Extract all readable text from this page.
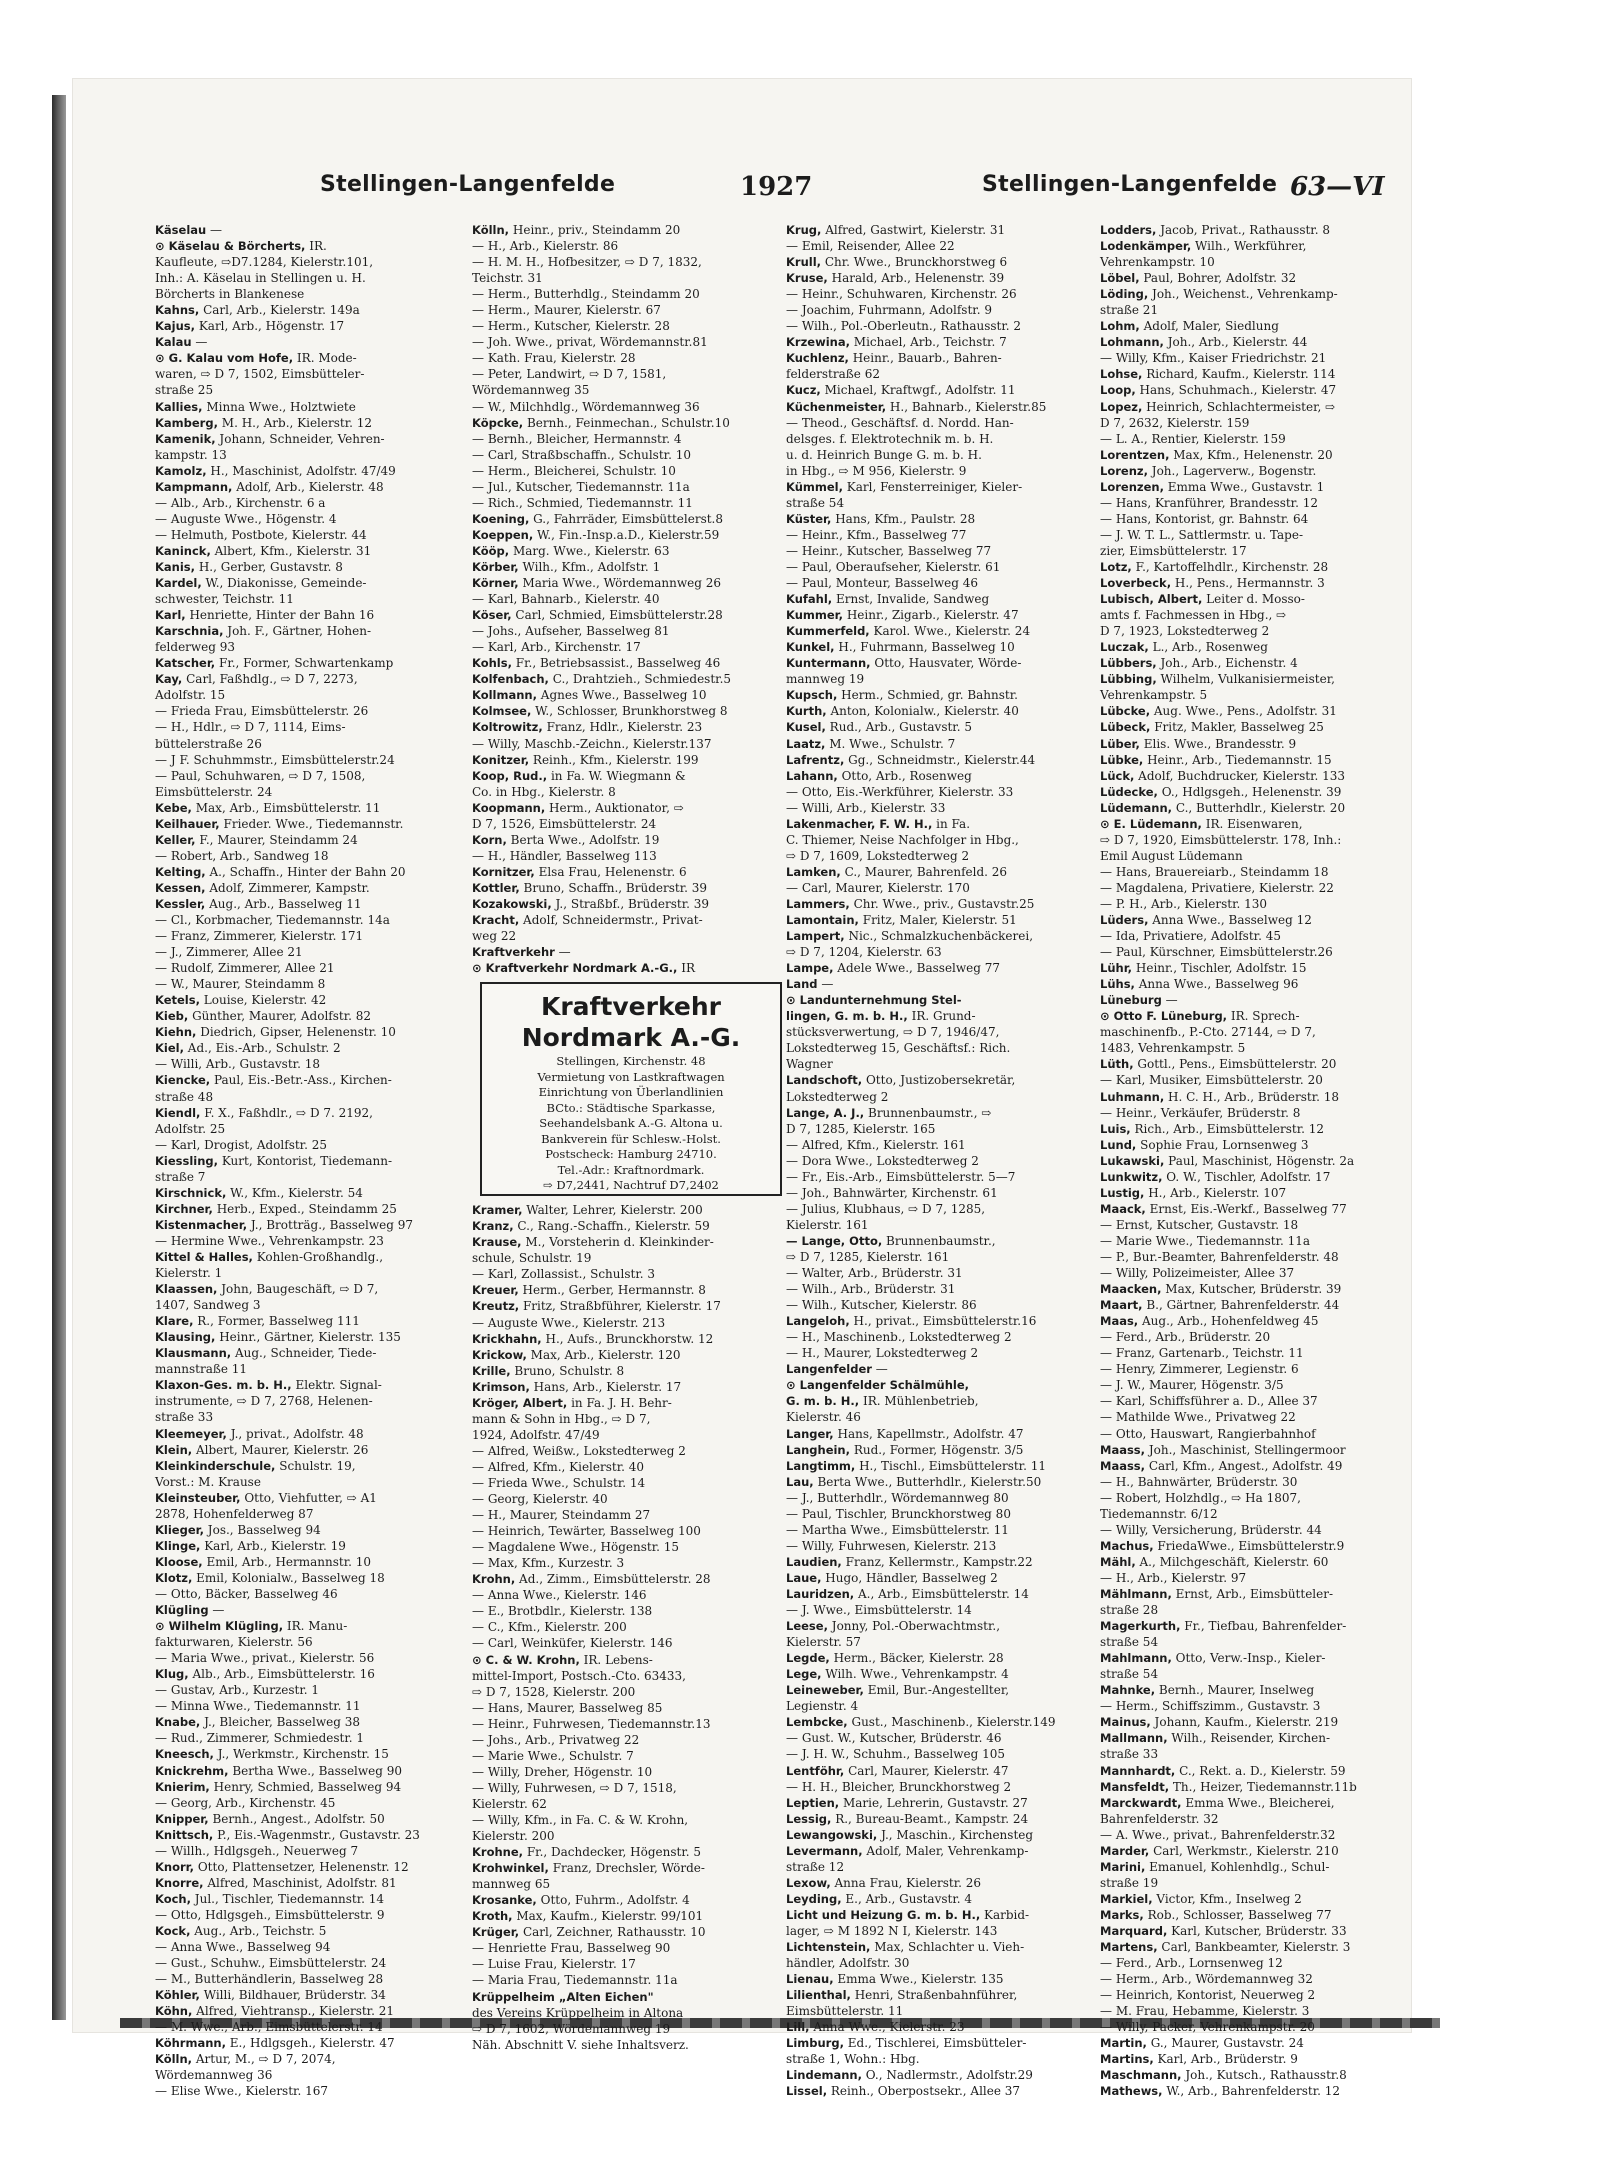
Stellingen-Langenfelde	1927	Stellingen-Langenfelde 63—VI
Käselau —
⊙ Käselau & Börcherts, IR.
Kaufleute, ⇨D7.1284, Kielerstr.101,
Inh.: A. Käselau in Stellingen u. H.
Börcherts in Blankenese
Kahns, Carl, Arb., Kielerstr. 149a
Kajus, Karl, Arb., Högenstr. 17
Kalau —
⊙ G. Kalau vom Hofe, IR. Mode-
waren, ⇨ D 7, 1502, Eimsbütteler-
straße 25
Kallies, Minna Wwe., Holztwiete
Kamberg, M. H., Arb., Kielerstr. 12
Kamenik, Johann, Schneider, Vehren-
kampstr. 13
Kamolz, H., Maschinist, Adolfstr. 47/49
Kampmann, Adolf, Arb., Kielerstr. 48
— Alb., Arb., Kirchenstr. 6 a
— Auguste Wwe., Högenstr. 4
— Helmuth, Postbote, Kielerstr. 44
Kaninck, Albert, Kfm., Kielerstr. 31
Kanis, H., Gerber, Gustavstr. 8
Kardel, W., Diakonisse, Gemeinde-
schwester, Teichstr. 11
Karl, Henriette, Hinter der Bahn 16
Karschnia, Joh. F., Gärtner, Hohen-
felderweg 93
Katscher, Fr., Former, Schwartenkamp
Kay, Carl, Faßhdlg., ⇨ D 7, 2273,
Adolfstr. 15
— Frieda Frau, Eimsbüttelerstr. 26
— H., Hdlr., ⇨ D 7, 1114, Eims-
büttelerstraße 26
— J F. Schuhmmstr., Eimsbüttelerstr.24
— Paul, Schuhwaren, ⇨ D 7, 1508,
Eimsbüttelerstr. 24
Kebe, Max, Arb., Eimsbüttelerstr. 11
Keilhauer, Frieder. Wwe., Tiedemannstr.
Keller, F., Maurer, Steindamm 24
— Robert, Arb., Sandweg 18
Kelting, A., Schaffn., Hinter der Bahn 20
Kessen, Adolf, Zimmerer, Kampstr.
Kessler, Aug., Arb., Basselweg 11
— Cl., Korbmacher, Tiedemannstr. 14a
— Franz, Zimmerer, Kielerstr. 171
— J., Zimmerer, Allee 21
— Rudolf, Zimmerer, Allee 21
— W., Maurer, Steindamm 8
Ketels, Louise, Kielerstr. 42
Kieb, Günther, Maurer, Adolfstr. 82
Kiehn, Diedrich, Gipser, Helenenstr. 10
Kiel, Ad., Eis.-Arb., Schulstr. 2
— Willi, Arb., Gustavstr. 18
Kiencke, Paul, Eis.-Betr.-Ass., Kirchen-
straße 48
Kiendl, F. X., Faßhdlr., ⇨ D 7. 2192,
Adolfstr. 25
— Karl, Drogist, Adolfstr. 25
Kiessling, Kurt, Kontorist, Tiedemann-
straße 7
Kirschnick, W., Kfm., Kielerstr. 54
Kirchner, Herb., Exped., Steindamm 25
Kistenmacher, J., Brotträg., Basselweg 97
— Hermine Wwe., Vehrenkampstr. 23
Kittel & Halles, Kohlen-Großhandlg.,
Kielerstr. 1
Klaassen, John, Baugeschäft, ⇨ D 7,
1407, Sandweg 3
Klare, R., Former, Basselweg 111
Klausing, Heinr., Gärtner, Kielerstr. 135
Klausmann, Aug., Schneider, Tiede-
mannstraße 11
Klaxon-Ges. m. b. H., Elektr. Signal-
instrumente, ⇨ D 7, 2768, Helenen-
straße 33
Kleemeyer, J., privat., Adolfstr. 48
Klein, Albert, Maurer, Kielerstr. 26
Kleinkinderschule, Schulstr. 19,
Vorst.: M. Krause
Kleinsteuber, Otto, Viehfutter, ⇨ A1
2878, Hohenfelderweg 87
Klieger, Jos., Basselweg 94
Klinge, Karl, Arb., Kielerstr. 19
Kloose, Emil, Arb., Hermannstr. 10
Klotz, Emil, Kolonialw., Basselweg 18
— Otto, Bäcker, Basselweg 46
Klügling —
⊙ Wilhelm Klügling, IR. Manu-
fakturwaren, Kielerstr. 56
— Maria Wwe., privat., Kielerstr. 56
Klug, Alb., Arb., Eimsbüttelerstr. 16
— Gustav, Arb., Kurzestr. 1
— Minna Wwe., Tiedemannstr. 11
Knabe, J., Bleicher, Basselweg 38
— Rud., Zimmerer, Schmiedestr. 1
Kneesch, J., Werkmstr., Kirchenstr. 15
Knickrehm, Bertha Wwe., Basselweg 90
Knierim, Henry, Schmied, Basselweg 94
— Georg, Arb., Kirchenstr. 45
Knipper, Bernh., Angest., Adolfstr. 50
Knittsch, P., Eis.-Wagenmstr., Gustavstr. 23
— Willh., Hdlgsgeh., Neuerweg 7
Knorr, Otto, Plattensetzer, Helenenstr. 12
Knorre, Alfred, Maschinist, Adolfstr. 81
Koch, Jul., Tischler, Tiedemannstr. 14
— Otto, Hdlgsgeh., Eimsbüttelerstr. 9
Kock, Aug., Arb., Teichstr. 5
— Anna Wwe., Basselweg 94
— Gust., Schuhw., Eimsbüttelerstr. 24
— M., Butterhändlerin, Basselweg 28
Köhler, Willi, Bildhauer, Brüderstr. 34
Köhn, Alfred, Viehtransp., Kielerstr. 21
— M. Wwe., Arb., Eimsbüttelerstr. 14
Köhrmann, E., Hdlgsgeh., Kielerstr. 47
Kölln, Artur, M., ⇨ D 7, 2074,
Wördemannweg 36
— Elise Wwe., Kielerstr. 167
Kölln, Heinr., priv., Steindamm 20
— H., Arb., Kielerstr. 86
— H. M. H., Hofbesitzer, ⇨ D 7, 1832,
Teichstr. 31
— Herm., Butterhdlg., Steindamm 20
— Herm., Maurer, Kielerstr. 67
— Herm., Kutscher, Kielerstr. 28
— Joh. Wwe., privat, Wördemannstr.81
— Kath. Frau, Kielerstr. 28
— Peter, Landwirt, ⇨ D 7, 1581,
Wördemannweg 35
— W., Milchhdlg., Wördemannweg 36
Köpcke, Bernh., Feinmechan., Schulstr.10
— Bernh., Bleicher, Hermannstr. 4
— Carl, Straßbschaffn., Schulstr. 10
— Herm., Bleicherei, Schulstr. 10
— Jul., Kutscher, Tiedemannstr. 11a
— Rich., Schmied, Tiedemannstr. 11
Koening, G., Fahrräder, Eimsbüttelerst.8
Koeppen, W., Fin.-Insp.a.D., Kielerstr.59
Kööp, Marg. Wwe., Kielerstr. 63
Körber, Wilh., Kfm., Adolfstr. 1
Körner, Maria Wwe., Wördemannweg 26
— Karl, Bahnarb., Kielerstr. 40
Köser, Carl, Schmied, Eimsbüttelerstr.28
— Johs., Aufseher, Basselweg 81
— Karl, Arb., Kirchenstr. 17
Kohls, Fr., Betriebsassist., Basselweg 46
Kolfenbach, C., Drahtzieh., Schmiedestr.5
Kollmann, Agnes Wwe., Basselweg 10
Kolmsee, W., Schlosser, Brunkhorstweg 8
Koltrowitz, Franz, Hdlr., Kielerstr. 23
— Willy, Maschb.-Zeichn., Kielerstr.137
Konitzer, Reinh., Kfm., Kielerstr. 199
Koop, Rud., in Fa. W. Wiegmann &
Co. in Hbg., Kielerstr. 8
Koopmann, Herm., Auktionator, ⇨
D 7, 1526, Eimsbüttelerstr. 24
Korn, Berta Wwe., Adolfstr. 19
— H., Händler, Basselweg 113
Kornitzer, Elsa Frau, Helenenstr. 6
Kottler, Bruno, Schaffn., Brüderstr. 39
Kozakowski, J., Straßbf., Brüderstr. 39
Kracht, Adolf, Schneidermstr., Privat-
weg 22
Kraftverkehr —
⊙ Kraftverkehr Nordmark A.-G., IR
Kraftverkehr
Nordmark A.-G.
Stellingen, Kirchenstr. 48
Vermietung von Lastkraftwagen
Einrichtung von Überlandlinien
BCto.: Städtische Sparkasse,
Seehandelsbank A.-G. Altona u.
Bankverein für Schlesw.-Holst.
Postscheck: Hamburg 24710.
Tel.-Adr.: Kraftnordmark.
⇨ D7,2441, Nachtruf D7,2402
Kramer, Walter, Lehrer, Kielerstr. 200
Kranz, C., Rang.-Schaffn., Kielerstr. 59
Krause, M., Vorsteherin d. Kleinkinder-
schule, Schulstr. 19
— Karl, Zollassist., Schulstr. 3
Kreuer, Herm., Gerber, Hermannstr. 8
Kreutz, Fritz, Straßbführer, Kielerstr. 17
— Auguste Wwe., Kielerstr. 213
Krickhahn, H., Aufs., Brunckhorstw. 12
Krickow, Max, Arb., Kielerstr. 120
Krille, Bruno, Schulstr. 8
Krimson, Hans, Arb., Kielerstr. 17
Kröger, Albert, in Fa. J. H. Behr-
mann & Sohn in Hbg., ⇨ D 7,
1924, Adolfstr. 47/49
— Alfred, Weißw., Lokstedterweg 2
— Alfred, Kfm., Kielerstr. 40
— Frieda Wwe., Schulstr. 14
— Georg, Kielerstr. 40
— H., Maurer, Steindamm 27
— Heinrich, Tewärter, Basselweg 100
— Magdalene Wwe., Högenstr. 15
— Max, Kfm., Kurzestr. 3
Krohn, Ad., Zimm., Eimsbüttelerstr. 28
— Anna Wwe., Kielerstr. 146
— E., Brotbdlr., Kielerstr. 138
— C., Kfm., Kielerstr. 200
— Carl, Weinküfer, Kielerstr. 146
⊙ C. & W. Krohn, IR. Lebens-
mittel-Import, Postsch.-Cto. 63433,
⇨ D 7, 1528, Kielerstr. 200
— Hans, Maurer, Basselweg 85
— Heinr., Fuhrwesen, Tiedemannstr.13
— Johs., Arb., Privatweg 22
— Marie Wwe., Schulstr. 7
— Willy, Dreher, Högenstr. 10
— Willy, Fuhrwesen, ⇨ D 7, 1518,
Kielerstr. 62
— Willy, Kfm., in Fa. C. & W. Krohn,
Kielerstr. 200
Krohne, Fr., Dachdecker, Högenstr. 5
Krohwinkel, Franz, Drechsler, Wörde-
mannweg 65
Krosanke, Otto, Fuhrm., Adolfstr. 4
Kroth, Max, Kaufm., Kielerstr. 99/101
Krüger, Carl, Zeichner, Rathausstr. 10
— Henriette Frau, Basselweg 90
— Luise Frau, Kielerstr. 17
— Maria Frau, Tiedemannstr. 11a
Krüppelheim „Alten Eichen"
des Vereins Krüppelheim in Altona
⇨ D 7, 1602, Wördemannweg 19
Näh. Abschnitt V. siehe Inhaltsverz.
Krug, Alfred, Gastwirt, Kielerstr. 31
— Emil, Reisender, Allee 22
Krull, Chr. Wwe., Brunckhorstweg 6
Kruse, Harald, Arb., Helenenstr. 39
— Heinr., Schuhwaren, Kirchenstr. 26
— Joachim, Fuhrmann, Adolfstr. 9
— Wilh., Pol.-Oberleutn., Rathausstr. 2
Krzewina, Michael, Arb., Teichstr. 7
Kuchlenz, Heinr., Bauarb., Bahren-
felderstraße 62
Kucz, Michael, Kraftwgf., Adolfstr. 11
Küchenmeister, H., Bahnarb., Kielerstr.85
— Theod., Geschäftsf. d. Nordd. Han-
delsges. f. Elektrotechnik m. b. H.
u. d. Heinrich Bunge G. m. b. H.
in Hbg., ⇨ M 956, Kielerstr. 9
Kümmel, Karl, Fensterreiniger, Kieler-
straße 54
Küster, Hans, Kfm., Paulstr. 28
— Heinr., Kfm., Basselweg 77
— Heinr., Kutscher, Basselweg 77
— Paul, Oberaufseher, Kielerstr. 61
— Paul, Monteur, Basselweg 46
Kufahl, Ernst, Invalide, Sandweg
Kummer, Heinr., Zigarb., Kielerstr. 47
Kummerfeld, Karol. Wwe., Kielerstr. 24
Kunkel, H., Fuhrmann, Basselweg 10
Kuntermann, Otto, Hausvater, Wörde-
mannweg 19
Kupsch, Herm., Schmied, gr. Bahnstr.
Kurth, Anton, Kolonialw., Kielerstr. 40
Kusel, Rud., Arb., Gustavstr. 5
Laatz, M. Wwe., Schulstr. 7
Lafrentz, Gg., Schneidmstr., Kielerstr.44
Lahann, Otto, Arb., Rosenweg
— Otto, Eis.-Werkführer, Kielerstr. 33
— Willi, Arb., Kielerstr. 33
Lakenmacher, F. W. H., in Fa.
C. Thiemer, Neise Nachfolger in Hbg.,
⇨ D 7, 1609, Lokstedterweg 2
Lamken, C., Maurer, Bahrenfeld. 26
— Carl, Maurer, Kielerstr. 170
Lammers, Chr. Wwe., priv., Gustavstr.25
Lamontain, Fritz, Maler, Kielerstr. 51
Lampert, Nic., Schmalzkuchenbäckerei,
⇨ D 7, 1204, Kielerstr. 63
Lampe, Adele Wwe., Basselweg 77
Land —
⊙ Landunternehmung Stel-
lingen, G. m. b. H., IR. Grund-
stücksverwertung, ⇨ D 7, 1946/47,
Lokstedterweg 15, Geschäftsf.: Rich.
Wagner
Landschoft, Otto, Justizobersekretär,
Lokstedterweg 2
Lange, A. J., Brunnenbaumstr., ⇨
D 7, 1285, Kielerstr. 165
— Alfred, Kfm., Kielerstr. 161
— Dora Wwe., Lokstedterweg 2
— Fr., Eis.-Arb., Eimsbüttelerstr. 5—7
— Joh., Bahnwärter, Kirchenstr. 61
— Julius, Klubhaus, ⇨ D 7, 1285,
Kielerstr. 161
— Lange, Otto, Brunnenbaumstr.,
⇨ D 7, 1285, Kielerstr. 161
— Walter, Arb., Brüderstr. 31
— Wilh., Arb., Brüderstr. 31
— Wilh., Kutscher, Kielerstr. 86
Langeloh, H., privat., Eimsbüttelerstr.16
— H., Maschinenb., Lokstedterweg 2
— H., Maurer, Lokstedterweg 2
Langenfelder —
⊙ Langenfelder Schälmühle,
G. m. b. H., IR. Mühlenbetrieb,
Kielerstr. 46
Langer, Hans, Kapellmstr., Adolfstr. 47
Langhein, Rud., Former, Högenstr. 3/5
Langtimm, H., Tischl., Eimsbüttelerstr. 11
Lau, Berta Wwe., Butterhdlr., Kielerstr.50
— J., Butterhdlr., Wördemannweg 80
— Paul, Tischler, Brunckhorstweg 80
— Martha Wwe., Eimsbüttelerstr. 11
— Willy, Fuhrwesen, Kielerstr. 213
Laudien, Franz, Kellermstr., Kampstr.22
Laue, Hugo, Händler, Basselweg 2
Lauridzen, A., Arb., Eimsbüttelerstr. 14
— J. Wwe., Eimsbüttelerstr. 14
Leese, Jonny, Pol.-Oberwachtmstr.,
Kielerstr. 57
Legde, Herm., Bäcker, Kielerstr. 28
Lege, Wilh. Wwe., Vehrenkampstr. 4
Leineweber, Emil, Bur.-Angestellter,
Legienstr. 4
Lembcke, Gust., Maschinenb., Kielerstr.149
— Gust. W., Kutscher, Brüderstr. 46
— J. H. W., Schuhm., Basselweg 105
Lentföhr, Carl, Maurer, Kielerstr. 47
— H. H., Bleicher, Brunckhorstweg 2
Leptien, Marie, Lehrerin, Gustavstr. 27
Lessig, R., Bureau-Beamt., Kampstr. 24
Lewangowski, J., Maschin., Kirchensteg
Levermann, Adolf, Maler, Vehrenkamp-
straße 12
Lexow, Anna Frau, Kielerstr. 26
Leyding, E., Arb., Gustavstr. 4
Licht und Heizung G. m. b. H., Karbid-
lager, ⇨ M 1892 N I, Kielerstr. 143
Lichtenstein, Max, Schlachter u. Vieh-
händler, Adolfstr. 30
Lienau, Emma Wwe., Kielerstr. 135
Lilienthal, Henri, Straßenbahnführer,
Eimsbüttelerstr. 11
Lill, Anna Wwe., Kielerstr. 23
Limburg, Ed., Tischlerei, Eimsbütteler-
straße 1, Wohn.: Hbg.
Lindemann, O., Nadlermstr., Adolfstr.29
Lissel, Reinh., Oberpostsekr., Allee 37
Lodders, Jacob, Privat., Rathausstr. 8
Lodenkämper, Wilh., Werkführer,
Vehrenkampstr. 10
Löbel, Paul, Bohrer, Adolfstr. 32
Löding, Joh., Weichenst., Vehrenkamp-
straße 21
Lohm, Adolf, Maler, Siedlung
Lohmann, Joh., Arb., Kielerstr. 44
— Willy, Kfm., Kaiser Friedrichstr. 21
Lohse, Richard, Kaufm., Kielerstr. 114
Loop, Hans, Schuhmach., Kielerstr. 47
Lopez, Heinrich, Schlachtermeister, ⇨
D 7, 2632, Kielerstr. 159
— L. A., Rentier, Kielerstr. 159
Lorentzen, Max, Kfm., Helenenstr. 20
Lorenz, Joh., Lagerverw., Bogenstr.
Lorenzen, Emma Wwe., Gustavstr. 1
— Hans, Kranführer, Brandesstr. 12
— Hans, Kontorist, gr. Bahnstr. 64
— J. W. T. L., Sattlermstr. u. Tape-
zier, Eimsbüttelerstr. 17
Lotz, F., Kartoffelhdlr., Kirchenstr. 28
Loverbeck, H., Pens., Hermannstr. 3
Lubisch, Albert, Leiter d. Mosso-
amts f. Fachmessen in Hbg., ⇨
D 7, 1923, Lokstedterweg 2
Luczak, L., Arb., Rosenweg
Lübbers, Joh., Arb., Eichenstr. 4
Lübbing, Wilhelm, Vulkanisiermeister,
Vehrenkampstr. 5
Lübcke, Aug. Wwe., Pens., Adolfstr. 31
Lübeck, Fritz, Makler, Basselweg 25
Lüber, Elis. Wwe., Brandesstr. 9
Lübke, Heinr., Arb., Tiedemannstr. 15
Lück, Adolf, Buchdrucker, Kielerstr. 133
Lüdecke, O., Hdlgsgeh., Helenenstr. 39
Lüdemann, C., Butterhdlr., Kielerstr. 20
⊙ E. Lüdemann, IR. Eisenwaren,
⇨ D 7, 1920, Eimsbüttelerstr. 178, Inh.:
Emil August Lüdemann
— Hans, Brauereiarb., Steindamm 18
— Magdalena, Privatiere, Kielerstr. 22
— P. H., Arb., Kielerstr. 130
Lüders, Anna Wwe., Basselweg 12
— Ida, Privatiere, Adolfstr. 45
— Paul, Kürschner, Eimsbüttelerstr.26
Lühr, Heinr., Tischler, Adolfstr. 15
Lühs, Anna Wwe., Basselweg 96
Lüneburg —
⊙ Otto F. Lüneburg, IR. Sprech-
maschinenfb., P.-Cto. 27144, ⇨ D 7,
1483, Vehrenkampstr. 5
Lüth, Gottl., Pens., Eimsbüttelerstr. 20
— Karl, Musiker, Eimsbüttelerstr. 20
Luhmann, H. C. H., Arb., Brüderstr. 18
— Heinr., Verkäufer, Brüderstr. 8
Luis, Rich., Arb., Eimsbüttelerstr. 12
Lund, Sophie Frau, Lornsenweg 3
Lukawski, Paul, Maschinist, Högenstr. 2a
Lunkwitz, O. W., Tischler, Adolfstr. 17
Lustig, H., Arb., Kielerstr. 107
Maack, Ernst, Eis.-Werkf., Basselweg 77
— Ernst, Kutscher, Gustavstr. 18
— Marie Wwe., Tiedemannstr. 11a
— P., Bur.-Beamter, Bahrenfelderstr. 48
— Willy, Polizeimeister, Allee 37
Maacken, Max, Kutscher, Brüderstr. 39
Maart, B., Gärtner, Bahrenfelderstr. 44
Maas, Aug., Arb., Hohenfeldweg 45
— Ferd., Arb., Brüderstr. 20
— Franz, Gartenarb., Teichstr. 11
— Henry, Zimmerer, Legienstr. 6
— J. W., Maurer, Högenstr. 3/5
— Karl, Schiffsführer a. D., Allee 37
— Mathilde Wwe., Privatweg 22
— Otto, Hauswart, Rangierbahnhof
Maass, Joh., Maschinist, Stellingermoor
Maass, Carl, Kfm., Angest., Adolfstr. 49
— H., Bahnwärter, Brüderstr. 30
— Robert, Holzhdlg., ⇨ Ha 1807,
Tiedemannstr. 6/12
— Willy, Versicherung, Brüderstr. 44
Machus, FriedaWwe., Eimsbüttelerstr.9
Mähl, A., Milchgeschäft, Kielerstr. 60
— H., Arb., Kielerstr. 97
Mählmann, Ernst, Arb., Eimsbütteler-
straße 28
Magerkurth, Fr., Tiefbau, Bahrenfelder-
straße 54
Mahlmann, Otto, Verw.-Insp., Kieler-
straße 54
Mahnke, Bernh., Maurer, Inselweg
— Herm., Schiffszimm., Gustavstr. 3
Mainus, Johann, Kaufm., Kielerstr. 219
Mallmann, Wilh., Reisender, Kirchen-
straße 33
Mannhardt, C., Rekt. a. D., Kielerstr. 59
Mansfeldt, Th., Heizer, Tiedemannstr.11b
Marckwardt, Emma Wwe., Bleicherei,
Bahrenfelderstr. 32
— A. Wwe., privat., Bahrenfelderstr.32
Marder, Carl, Werkmstr., Kielerstr. 210
Marini, Emanuel, Kohlenhdlg., Schul-
straße 19
Markiel, Victor, Kfm., Inselweg 2
Marks, Rob., Schlosser, Basselweg 77
Marquard, Karl, Kutscher, Brüderstr. 33
Martens, Carl, Bankbeamter, Kielerstr. 3
— Ferd., Arb., Lornsenweg 12
— Herm., Arb., Wördemannweg 32
— Heinrich, Kontorist, Neuerweg 2
— M. Frau, Hebamme, Kielerstr. 3
— Willy, Packer, Vehrenkampstr. 20
Martin, G., Maurer, Gustavstr. 24
Martins, Karl, Arb., Brüderstr. 9
Maschmann, Joh., Kutsch., Rathausstr.8
Mathews, W., Arb., Bahrenfelderstr. 12
